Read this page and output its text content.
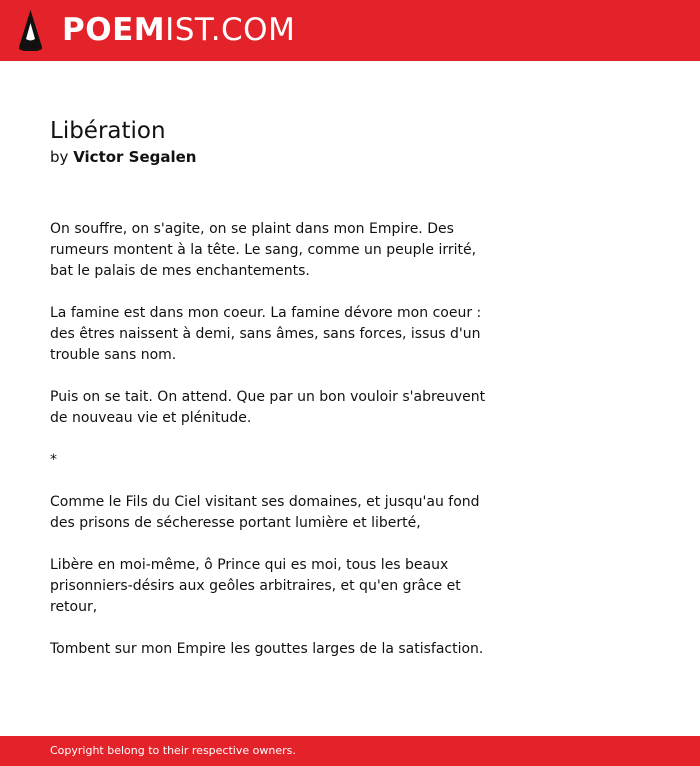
POEMIST.COM
Libération
by Victor Segalen

On souffre, on s'agite, on se plaint dans mon Empire. Des
rumeurs montent à la tête. Le sang, comme un peuple irrité,
bat le palais de mes enchantements.

La famine est dans mon coeur. La famine dévore mon coeur :
des êtres naissent à demi, sans âmes, sans forces, issus d'un
trouble sans nom.

Puis on se tait. On attend. Que par un bon vouloir s'abreuvent
de nouveau vie et plénitude.

*

Comme le Fils du Ciel visitant ses domaines, et jusqu'au fond
des prisons de sécheresse portant lumière et liberté,

Libère en moi-même, ô Prince qui es moi, tous les beaux
prisonniers-désirs aux geôles arbitraires, et qu'en grâce et
retour,

Tombent sur mon Empire les gouttes larges de la satisfaction.

Copyright belong to their respective owners.
